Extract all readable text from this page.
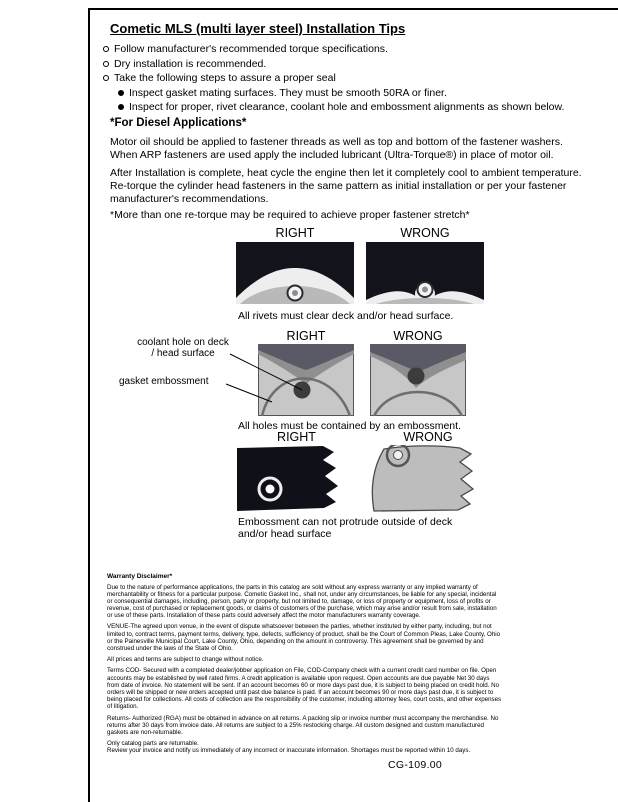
Cometic MLS (multi layer steel) Installation Tips
Follow manufacturer's recommended torque specifications.
Dry installation is recommended.
Take the following steps to assure a proper seal
Inspect gasket mating surfaces. They must be smooth 50RA or finer.
Inspect for proper, rivet clearance, coolant hole and embossment alignments as shown below.
*For Diesel Applications*

Motor oil should be applied to fastener threads as well as top and bottom of the fastener washers. When ARP fasteners are used apply the included lubricant (Ultra-Torque®) in place of motor oil.

After Installation is complete, heat cycle the engine then let it completely cool to ambient temperature. Re-torque the cylinder head fasteners in the same pattern as initial installation or per your fastener manufacturer's recommendations.

*More than one re-torque may be required to achieve proper fastener stretch*

RIGHT	WRONG
All rivets must clear deck and/or head surface.
RIGHT	WRONG
coolant hole on deck / head surface
gasket embossment
All holes must be contained by an embossment.
RIGHT	WRONG
Embossment can not protrude outside of deck and/or head surface

Warranty Disclaimer*

Due to the nature of performance applications, the parts in this catalog are sold without any express warranty or any implied warranty of merchantability or fitness for a particular purpose. Cometic Gasket Inc., shall not, under any circumstances, be liable for any special, incidental or consequential damages, including, person, party or property, but not limited to, damage, or loss of property or equipment, loss of profits or revenue, cost of purchased or replacement goods, or claims of customers of the purchase, which may arise and/or result from sale, installation or use of these parts. Installation of these parts could adversely affect the motor manufacturers warranty coverage.

VENUE-The agreed upon venue, in the event of dispute whatsoever between the parties, whether instituted by either party, including, but not limited to, contract terms, payment terms, delivery, type, defects, sufficiency of product, shall be the Court of Common Pleas, Lake County, Ohio or the Painesville Municipal Court, Lake County, Ohio, depending on the amount in controversy. This agreement shall be governed by and construed under the laws of the State of Ohio.

All prices and terms are subject to change without notice.

Terms COD- Secured with a completed dealer/jobber application on File, COD-Company check with a current credit card number on file. Open accounts may be established by well rated firms. A credit application is available upon request. Open accounts are due payable Net 30 days from date of invoice. No statement will be sent. If an account becomes 60 or more days past due, it is subject to being placed on credit hold. No orders will be shipped or new orders accepted until past due balance is paid. If an account becomes 90 or more days past due, it is subject to being placed for collections. All costs of collection are the responsibility of the customer, including attorney fees, court costs, and other expenses of litigation.

Returns- Authorized (RGA) must be obtained in advance on all returns. A packing slip or invoice number must accompany the merchandise. No returns after 30 days from invoice date. All returns are subject to a 25% restocking charge. All custom designed and custom manufactured gaskets are non-returnable.

Only catalog parts are returnable.

Review your invoice and notify us immediately of any incorrect or inaccurate information. Shortages must be reported within 10 days.

CG-109.00
